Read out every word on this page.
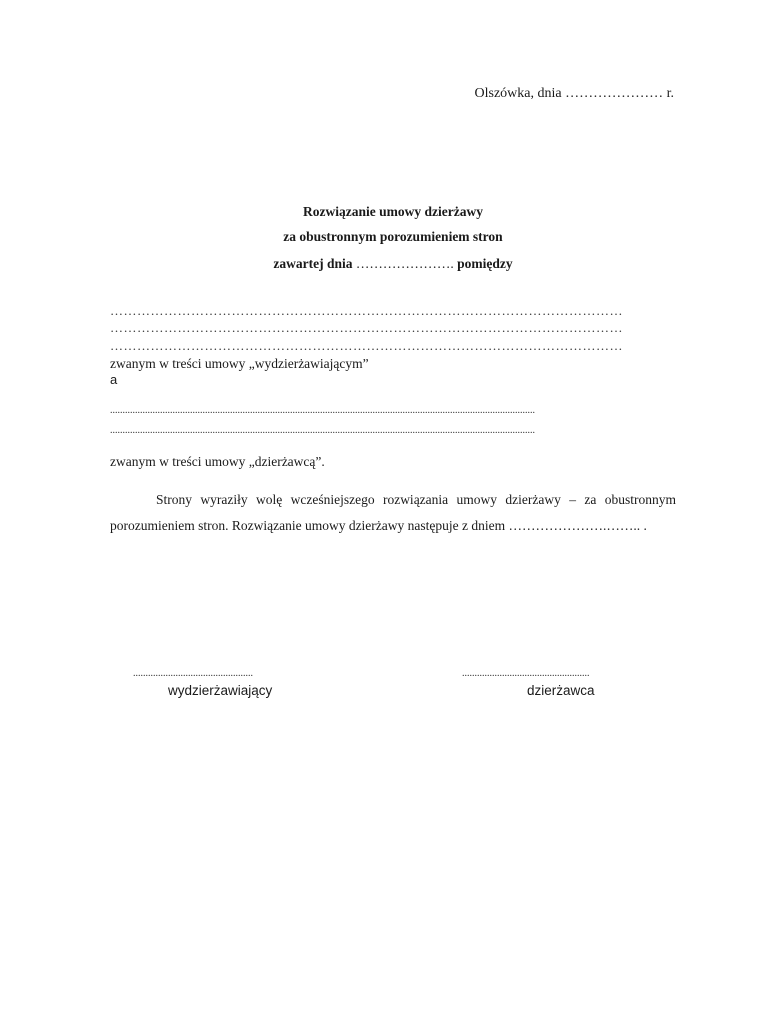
Olszówka, dnia ………………… r.
Rozwiązanie umowy dzierżawy
za obustronnym porozumieniem stron
zawartej dnia …………………. pomiędzy
……………………………………………………………………………………………………
……………………………………………………………………………………………………
……………………………………………………………………………………………………
zwanym w treści umowy „wydzierżawiającym”
a
..........................................................................................................................................................................
..........................................................................................................................................................................
zwanym w treści umowy „dzierżawcą”.
Strony wyraziły wolę wcześniejszego rozwiązania umowy dzierżawy – za obustronnym porozumieniem stron. Rozwiązanie umowy dzierżawy następuje z dniem ………………….…….. .
................................................
wydzierżawiający
...................................................
dzierżawca
